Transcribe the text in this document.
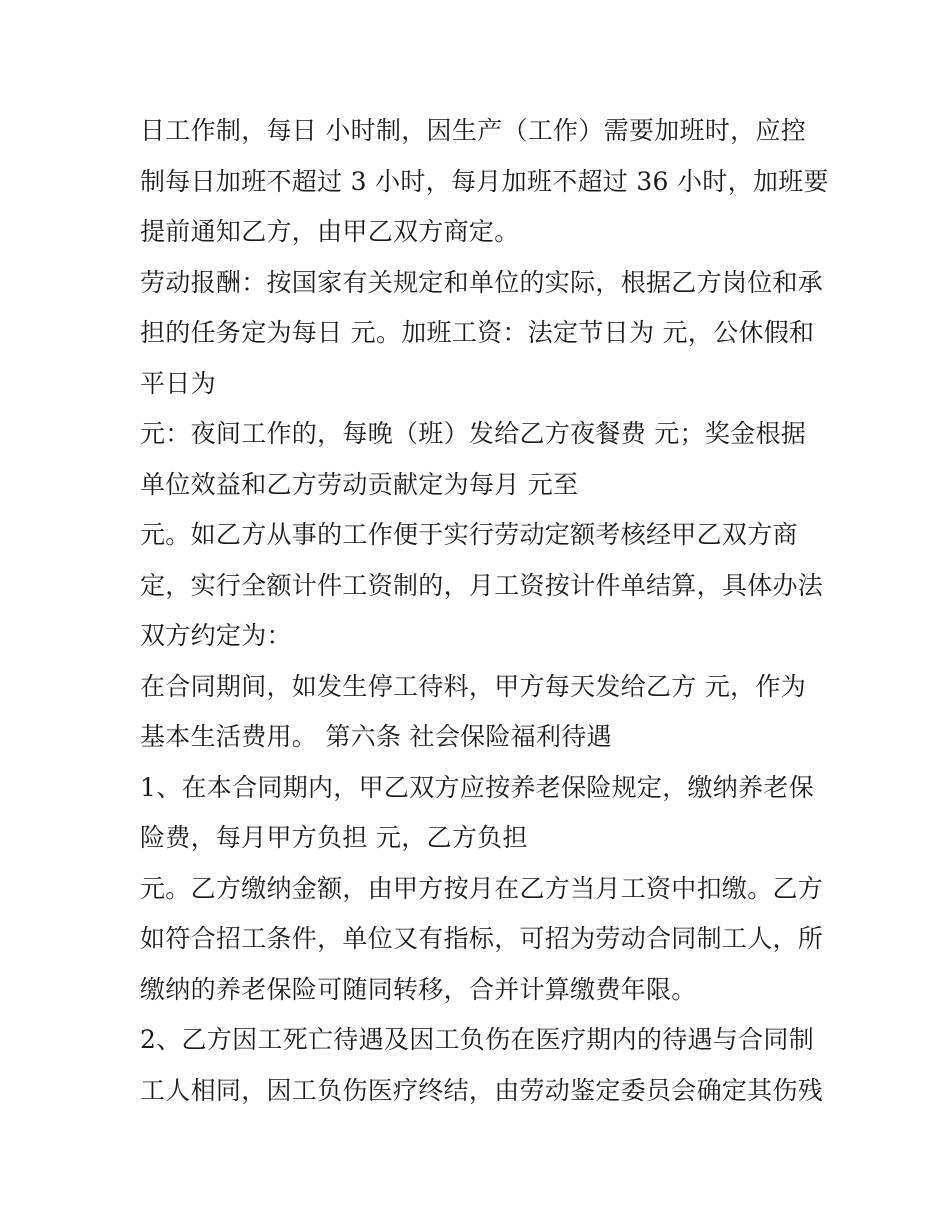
日工作制，每日 小时制，因生产（工作）需要加班时，应控
制每日加班不超过 3 小时，每月加班不超过 36 小时，加班要
提前通知乙方，由甲乙双方商定。
劳动报酬：按国家有关规定和单位的实际，根据乙方岗位和承
担的任务定为每日 元。加班工资：法定节日为 元，公休假和
平日为
元：夜间工作的，每晚（班）发给乙方夜餐费 元；奖金根据
单位效益和乙方劳动贡献定为每月 元至
元。如乙方从事的工作便于实行劳动定额考核经甲乙双方商
定，实行全额计件工资制的，月工资按计件单结算，具体办法
双方约定为：
在合同期间，如发生停工待料，甲方每天发给乙方 元，作为
基本生活费用。 第六条 社会保险福利待遇
1、在本合同期内，甲乙双方应按养老保险规定，缴纳养老保
险费，每月甲方负担 元，乙方负担
元。乙方缴纳金额，由甲方按月在乙方当月工资中扣缴。乙方
如符合招工条件，单位又有指标，可招为劳动合同制工人，所
缴纳的养老保险可随同转移，合并计算缴费年限。
2、乙方因工死亡待遇及因工负伤在医疗期内的待遇与合同制
工人相同，因工负伤医疗终结，由劳动鉴定委员会确定其伤残
